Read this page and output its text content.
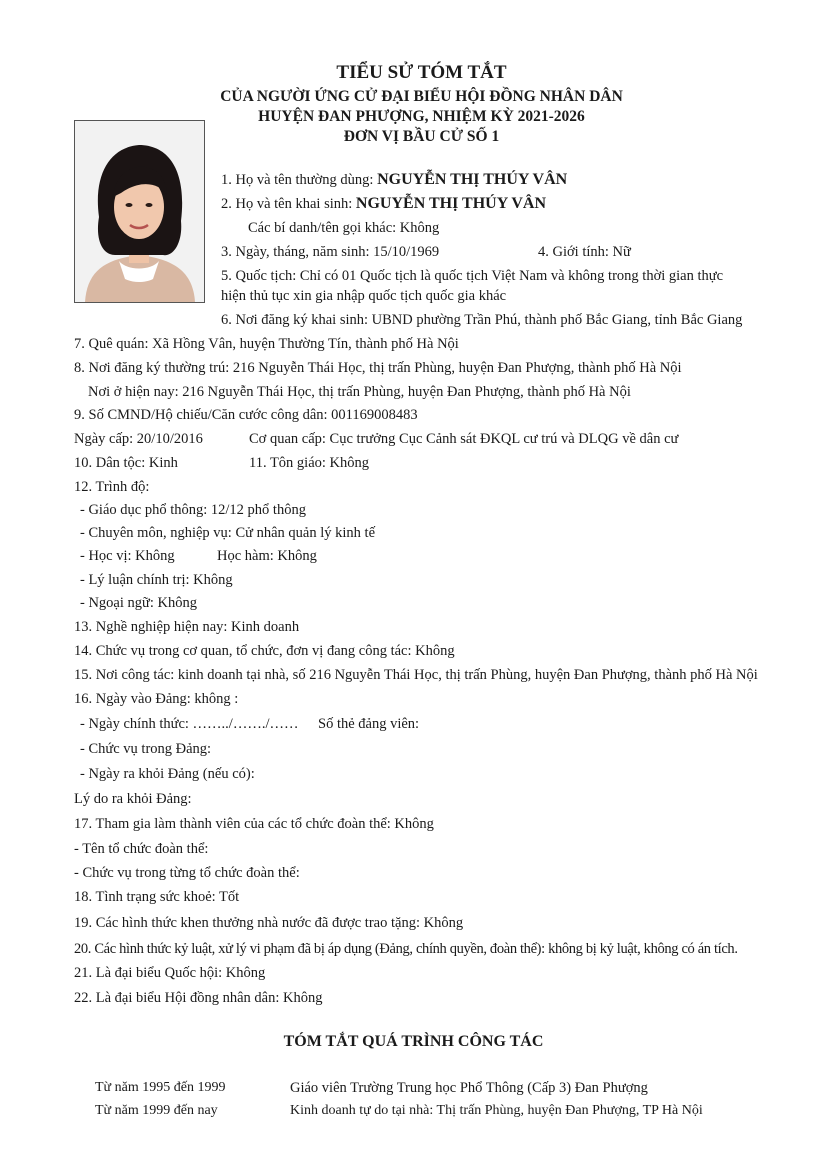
TIỂU SỬ TÓM TẮT
CỦA NGƯỜI ỨNG CỬ ĐẠI BIỂU HỘI ĐỒNG NHÂN DÂN
HUYỆN ĐAN PHƯỢNG, NHIỆM KỲ 2021-2026
ĐƠN VỊ BẦU CỬ SỐ 1
1. Họ và tên thường dùng: NGUYỄN THỊ THÚY VÂN
2. Họ và tên khai sinh: NGUYỄN THỊ THÚY VÂN
Các bí danh/tên gọi khác: Không
3. Ngày, tháng, năm sinh: 15/10/1969	4. Giới tính: Nữ
5. Quốc tịch: Chỉ có 01 Quốc tịch là quốc tịch Việt Nam và không trong thời gian thực
hiện thủ tục xin gia nhập quốc tịch quốc gia khác
6. Nơi đăng ký khai sinh: UBND phường Trần Phú, thành phố Bắc Giang, tỉnh Bắc Giang
7. Quê quán: Xã Hồng Vân, huyện Thường Tín, thành phố Hà Nội
8. Nơi đăng ký thường trú: 216 Nguyễn Thái Học, thị trấn Phùng, huyện Đan Phượng, thành phố Hà Nội
Nơi ở hiện nay: 216 Nguyễn Thái Học, thị trấn Phùng, huyện Đan Phượng, thành phố Hà Nội
9. Số CMND/Hộ chiếu/Căn cước công dân: 001169008483
Ngày cấp: 20/10/2016	Cơ quan cấp: Cục trưởng Cục Cảnh sát ĐKQL cư trú và DLQG về dân cư
10. Dân tộc: Kinh	11. Tôn giáo: Không
12. Trình độ:
- Giáo dục phổ thông: 12/12 phổ thông
- Chuyên môn, nghiệp vụ: Cử nhân quản lý kinh tế
- Học vị: Không	Học hàm: Không
- Lý luận chính trị: Không
- Ngoại ngữ: Không
13. Nghề nghiệp hiện nay: Kinh doanh
14. Chức vụ trong cơ quan, tổ chức, đơn vị đang công tác: Không
15. Nơi công tác: kinh doanh tại nhà, số 216 Nguyễn Thái Học, thị trấn Phùng, huyện Đan Phượng, thành phố Hà Nội
16. Ngày vào Đảng: không :
- Ngày chính thức: ……../……./…… Số thẻ đảng viên:
- Chức vụ trong Đảng:
- Ngày ra khỏi Đảng (nếu có):
Lý do ra khỏi Đảng:
17. Tham gia làm thành viên của các tổ chức đoàn thể: Không
- Tên tổ chức đoàn thể:
- Chức vụ trong từng tổ chức đoàn thể:
18. Tình trạng sức khoẻ: Tốt
19. Các hình thức khen thưởng nhà nước đã được trao tặng: Không
20. Các hình thức kỷ luật, xử lý vi phạm đã bị áp dụng (Đảng, chính quyền, đoàn thể): không bị kỷ luật, không có án tích.
21. Là đại biểu Quốc hội: Không
22. Là đại biểu Hội đồng nhân dân: Không
TÓM TẮT QUÁ TRÌNH CÔNG TÁC
Từ năm 1995 đến 1999	Giáo viên Trường Trung học Phổ Thông (Cấp 3) Đan Phượng
Từ năm 1999 đến nay	Kinh doanh tự do tại nhà: Thị trấn Phùng, huyện Đan Phượng, TP Hà Nội
